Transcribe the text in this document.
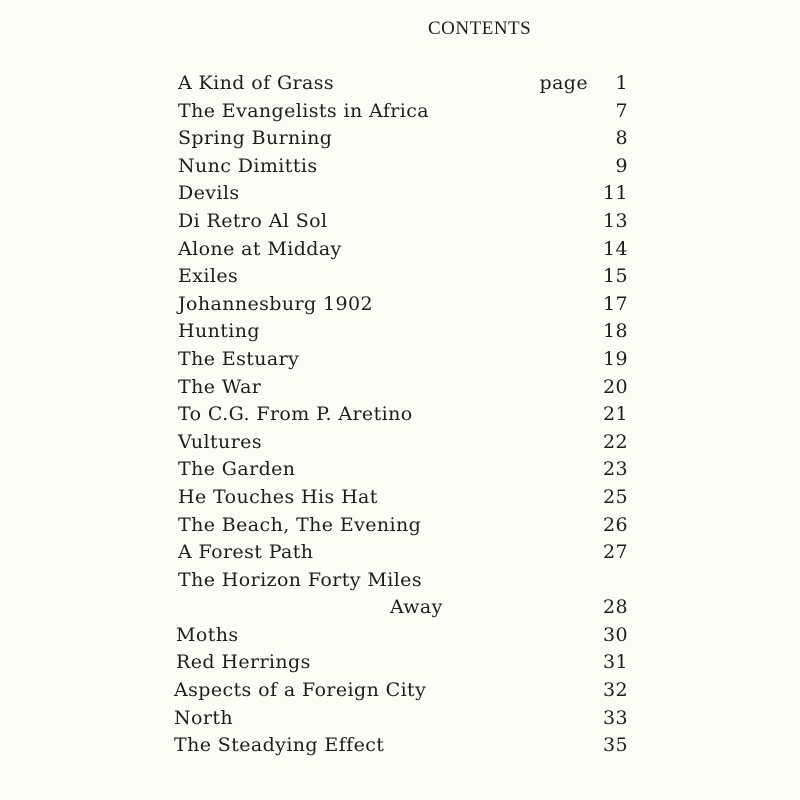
CONTENTS
A Kind of Grass	page 1
The Evangelists in Africa	7
Spring Burning	8
Nunc Dimittis	9
Devils	11
Di Retro Al Sol	13
Alone at Midday	14
Exiles	15
Johannesburg 1902	17
Hunting	18
The Estuary	19
The War	20
To C.G. From P. Aretino	21
Vultures	22
The Garden	23
He Touches His Hat	25
The Beach, The Evening	26
A Forest Path	27
The Horizon Forty Miles
Away	28
Moths	30
Red Herrings	31
Aspects of a Foreign City	32
North	33
The Steadying Effect	35
